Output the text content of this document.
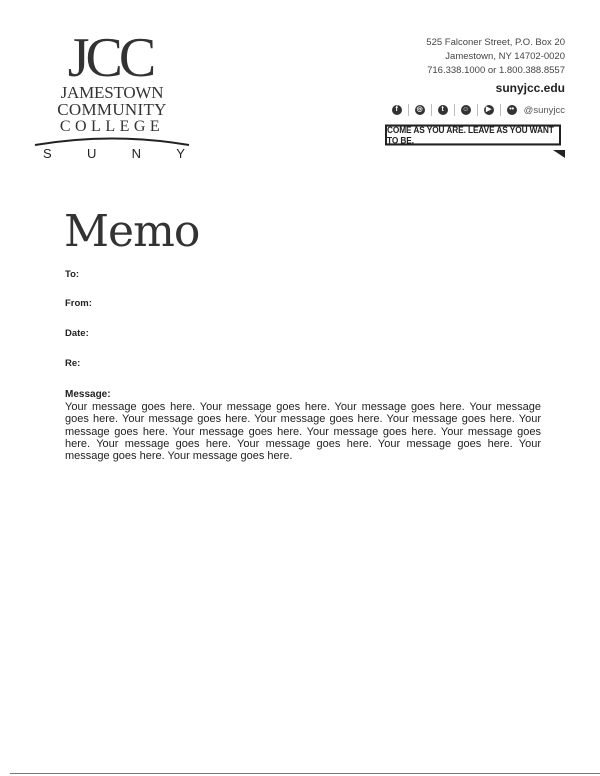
JCC
JAMESTOWN
COMMUNITY
COLLEGE
S	U	N	Y
525 Falconer Street, P.O. Box 20
Jamestown, NY 14702-0020
716.338.1000 or 1.800.388.8557
sunyjcc.edu
f	◎	t	☺	▶	•• @sunyjcc
COME AS YOU ARE. LEAVE AS YOU WANT TO BE.
Memo
To:
From:
Date:
Re:
Message:
Your message goes here. Your message goes here. Your message goes here. Your message goes here. Your message goes here. Your message goes here. Your message goes here. Your message goes here. Your message goes here. Your message goes here. Your message goes here. Your message goes here. Your message goes here. Your message goes here. Your message goes here. Your message goes here.
